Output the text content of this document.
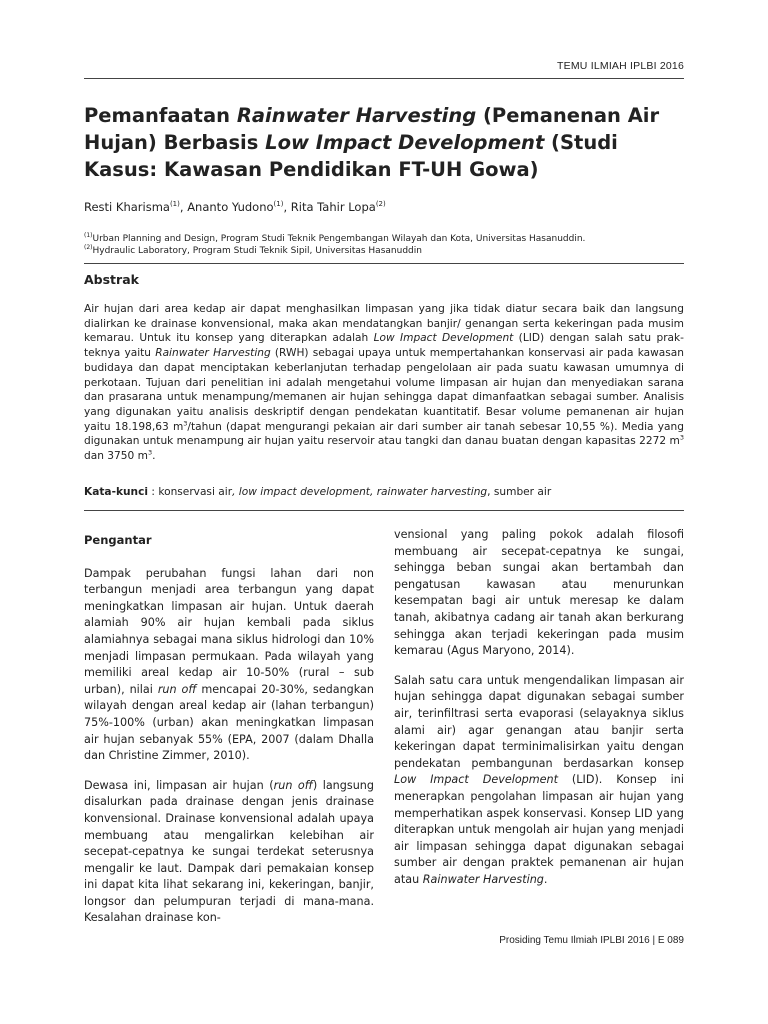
TEMU ILMIAH IPLBI 2016
Pemanfaatan Rainwater Harvesting (Pemanenan Air Hujan) Berbasis Low Impact Development (Studi Kasus: Kawasan Pendidikan FT-UH Gowa)
Resti Kharisma$^{(1)}$, Ananto Yudono$^{(1)}$, Rita Tahir Lopa$^{(2)}$
$^{(1)}$Urban Planning and Design, Program Studi Teknik Pengembangan Wilayah dan Kota, Universitas Hasanuddin.
$^{(2)}$Hydraulic Laboratory, Program Studi Teknik Sipil, Universitas Hasanuddin
Abstrak

Air hujan dari area kedap air dapat menghasilkan limpasan yang jika tidak diatur secara baik dan langsung dialirkan ke drainase konvensional, maka akan mendatangkan banjir/ genangan serta kekeringan pada musim kemarau. Untuk itu konsep yang diterapkan adalah Low Impact Development (LID) dengan salah satu prak-teknya yaitu Rainwater Harvesting (RWH) sebagai upaya untuk mempertahankan konservasi air pada kawasan budidaya dan dapat menciptakan keberlanjutan terhadap pengelolaan air pada suatu kawasan umumnya di perkotaan. Tujuan dari penelitian ini adalah mengetahui volume limpasan air hujan dan menyediakan sarana dan prasarana untuk menampung/memanen air hujan sehingga dapat dimanfaatkan sebagai sumber. Analisis yang digunakan yaitu analisis deskriptif dengan pendekatan kuantitatif. Besar volume pemanenan air hujan yaitu 18.198,63 $m^3$/tahun (dapat mengurangi pekaian air dari sumber air tanah sebesar 10,55 %). Media yang digunakan untuk menampung air hujan yaitu reservoir atau tangki dan danau buatan dengan kapasitas 2272 $m^3$ dan 3750 $m^3$.

Kata-kunci : konservasi air, low impact development, rainwater harvesting, sumber air
Pengantar

Dampak perubahan fungsi lahan dari non terbangun menjadi area terbangun yang dapat meningkatkan limpasan air hujan. Untuk daerah alamiah 90% air hujan kembali pada siklus alamiahnya sebagai mana siklus hidrologi dan 10% menjadi limpasan permukaan. Pada wilayah yang memiliki areal kedap air 10-50% (rural – sub urban), nilai run off mencapai 20-30%, sedangkan wilayah dengan areal kedap air (lahan terbangun) 75%-100% (urban) akan meningkatkan limpasan air hujan sebanyak 55% (EPA, 2007 (dalam Dhalla dan Christine Zimmer, 2010).

Dewasa ini, limpasan air hujan (run off) langsung disalurkan pada drainase dengan jenis drainase konvensional. Drainase konvensional adalah upaya membuang atau mengalirkan kelebihan air secepat-cepatnya ke sungai terdekat seterusnya mengalir ke laut. Dampak dari pemakaian konsep ini dapat kita lihat sekarang ini, kekeringan, banjir, longsor dan pelumpuran terjadi di mana-mana. Kesalahan drainase kon-

vensional yang paling pokok adalah filosofi membuang air secepat-cepatnya ke sungai, sehingga beban sungai akan bertambah dan pengatusan kawasan atau menurunkan kesempatan bagi air untuk meresap ke dalam tanah, akibatnya cadang air tanah akan berkurang sehingga akan terjadi kekeringan pada musim kemarau (Agus Maryono, 2014).

Salah satu cara untuk mengendalikan limpasan air hujan sehingga dapat digunakan sebagai sumber air, terinfiltrasi serta evaporasi (selayaknya siklus alami air) agar genangan atau banjir serta kekeringan dapat terminimalisirkan yaitu dengan pendekatan pembangunan berdasarkan konsep Low Impact Development (LID). Konsep ini menerapkan pengolahan limpasan air hujan yang memperhatikan aspek konservasi. Konsep LID yang diterapkan untuk mengolah air hujan yang menjadi air limpasan sehingga dapat digunakan sebagai sumber air dengan praktek pemanenan air hujan atau Rainwater Harvesting.

Prosiding Temu Ilmiah IPLBI 2016 | E 089
